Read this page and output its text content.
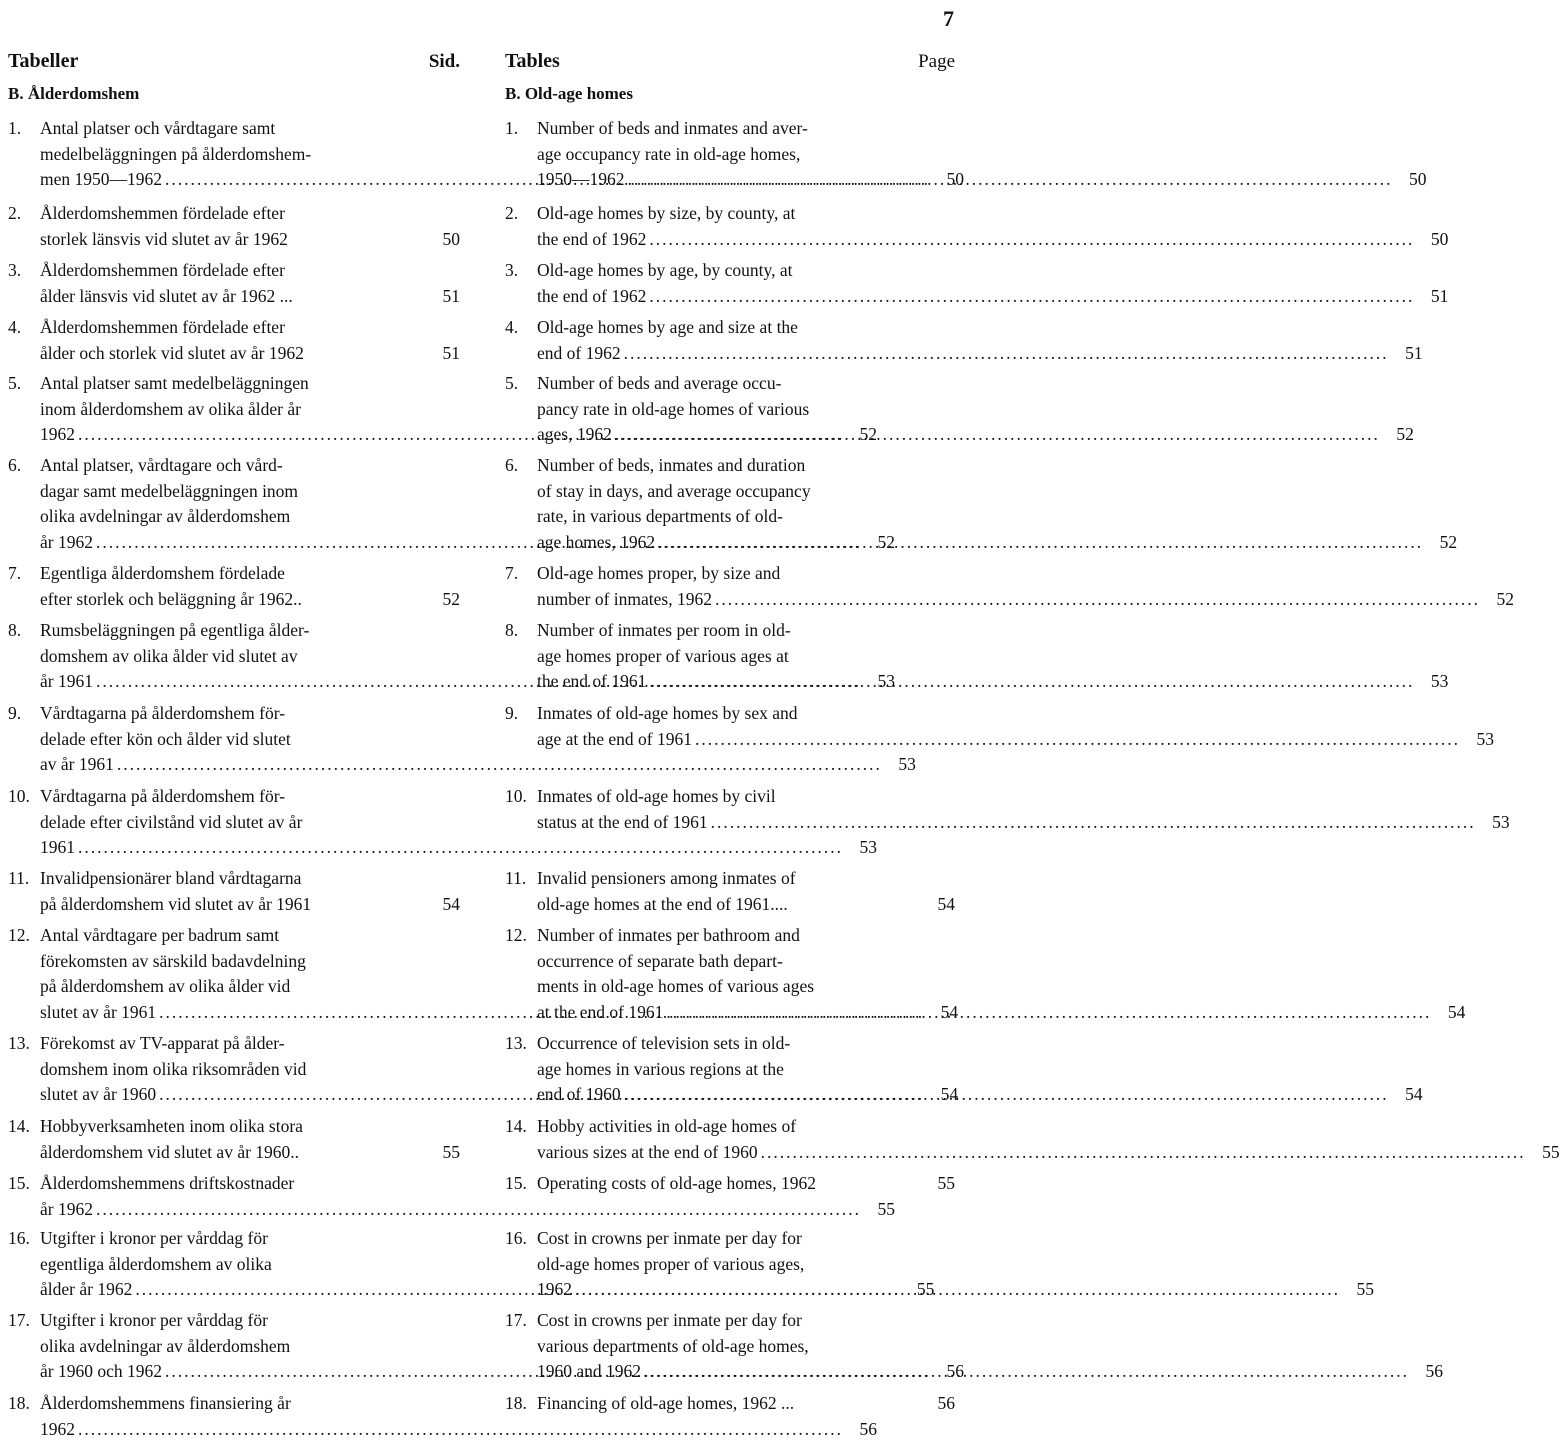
7
Tabeller	Sid.
B. Ålderdomshem
1.	Antal platser och vårdtagare samt
medelbeläggningen på ålderdomshem-
men 1950—1962 .....	50
2.	Ålderdomshemmen fördelade efter
storlek länsvis vid slutet av år 1962	50
3.	Ålderdomshemmen fördelade efter
ålder länsvis vid slutet av år 1962 ...	51
4.	Ålderdomshemmen fördelade efter
ålder och storlek vid slutet av år 1962	51
5.	Antal platser samt medelbeläggningen
inom ålderdomshem av olika ålder år
1962 .....	52
6.	Antal platser, vårdtagare och vård-
dagar samt medelbeläggningen inom
olika avdelningar av ålderdomshem
år 1962 .....	52
7.	Egentliga ålderdomshem fördelade
efter storlek och beläggning år 1962..	52
8.	Rumsbeläggningen på egentliga ålder-
domshem av olika ålder vid slutet av
år 1961 .....	53
9.	Vårdtagarna på ålderdomshem för-
delade efter kön och ålder vid slutet
av år 1961 .....	53
10. Vårdtagarna på ålderdomshem för-
delade efter civilstånd vid slutet av år
1961 .....	53
11. Invalidpensionärer bland vårdtagarna
på ålderdomshem vid slutet av år 1961	54
12. Antal vårdtagare per badrum samt
förekomsten av särskild badavdelning
på ålderdomshem av olika ålder vid
slutet av år 1961 .....	54
13. Förekomst av TV-apparat på ålder-
domshem inom olika riksområden vid
slutet av år 1960 .....	54
14. Hobbyverksamheten inom olika stora
ålderdomshem vid slutet av år 1960..	55
15. Ålderdomshemmens driftskostnader
år 1962 .....	55
16. Utgifter i kronor per vårddag för
egentliga ålderdomshem av olika
ålder år 1962 .....	55
17. Utgifter i kronor per vårddag för
olika avdelningar av ålderdomshem
år 1960 och 1962 .....	56
18. Ålderdomshemmens finansiering år
1962 .....	56
Tables	Page
B. Old-age homes
1.	Number of beds and inmates and aver-
age occupancy rate in old-age homes,
1950—1962 .....	50
2.	Old-age homes by size, by county, at
the end of 1962 .....	50
3.	Old-age homes by age, by county, at
the end of 1962 .....	51
4.	Old-age homes by age and size at the
end of 1962 .....	51
5.	Number of beds and average occu-
pancy rate in old-age homes of various
ages, 1962 .....	52
6.	Number of beds, inmates and duration
of stay in days, and average occupancy
rate, in various departments of old-
age homes, 1962 .....	52
7.	Old-age homes proper, by size and
number of inmates, 1962 .....	52
8.	Number of inmates per room in old-
age homes proper of various ages at
the end of 1961 .....	53
9.	Inmates of old-age homes by sex and
age at the end of 1961 .....	53
10. Inmates of old-age homes by civil
status at the end of 1961 .....	53
11. Invalid pensioners among inmates of
old-age homes at the end of 1961....	54
12. Number of inmates per bathroom and
occurrence of separate bath depart-
ments in old-age homes of various ages
at the end of 1961 .....	54
13. Occurrence of television sets in old-
age homes in various regions at the
end of 1960 .....	54
14. Hobby activities in old-age homes of
various sizes at the end of 1960 .....	55
15. Operating costs of old-age homes, 1962	55
16. Cost in crowns per inmate per day for
old-age homes proper of various ages,
1962 .....	55
17. Cost in crowns per inmate per day for
various departments of old-age homes,
1960 and 1962 .....	56
18. Financing of old-age homes, 1962 ...	56
